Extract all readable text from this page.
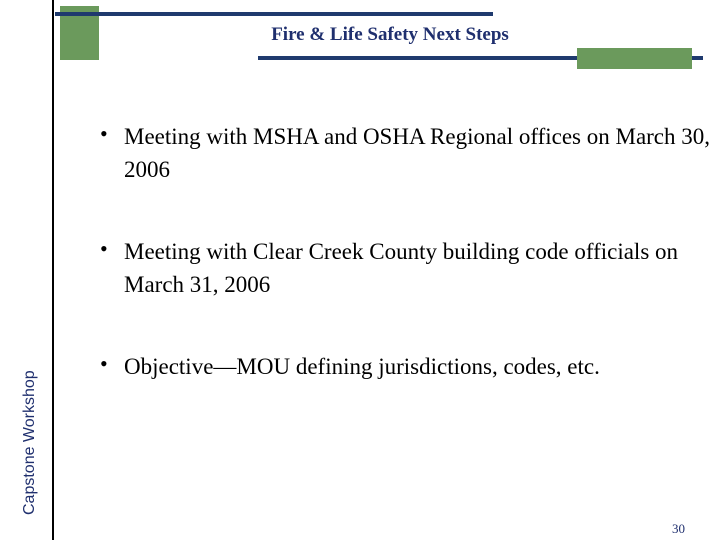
Fire & Life Safety Next Steps
Capstone Workshop
• Meeting with MSHA and OSHA Regional offices on March 30, 2006
• Meeting with Clear Creek County building code officials on March 31, 2006
• Objective—MOU defining jurisdictions, codes, etc.
30
